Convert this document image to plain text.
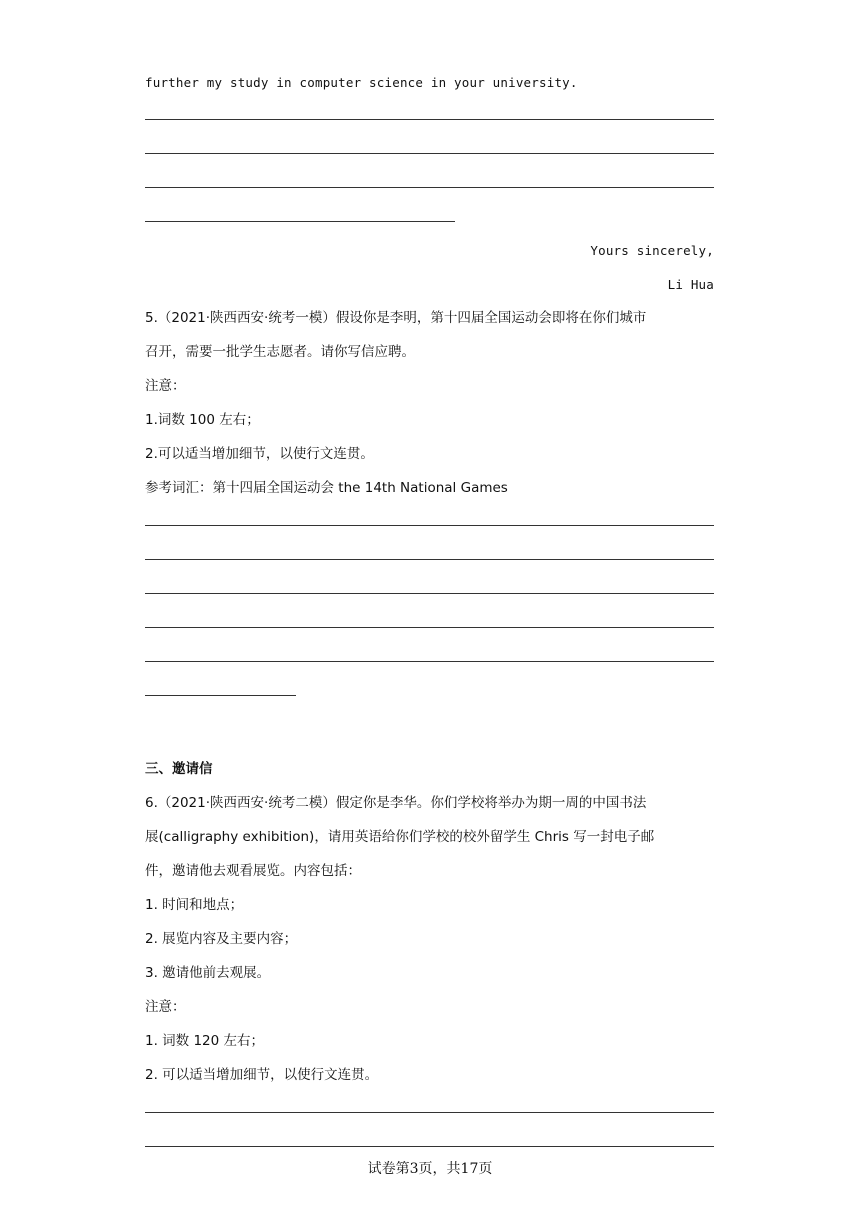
further my study in computer science in your university.
Yours sincerely,
Li Hua
5.（2021·陕西西安·统考一模）假设你是李明，第十四届全国运动会即将在你们城市
召开，需要一批学生志愿者。请你写信应聘。
注意：
1.词数 100 左右；
2.可以适当增加细节，以使行文连贯。
参考词汇：第十四届全国运动会 the 14th National Games
三、邀请信
6.（2021·陕西西安·统考二模）假定你是李华。你们学校将举办为期一周的中国书法
展(calligraphy exhibition)，请用英语给你们学校的校外留学生 Chris 写一封电子邮
件，邀请他去观看展览。内容包括：
1. 时间和地点；
2. 展览内容及主要内容；
3. 邀请他前去观展。
注意：
1. 词数 120 左右；
2. 可以适当增加细节，以使行文连贯。
试卷第3页，共17页
